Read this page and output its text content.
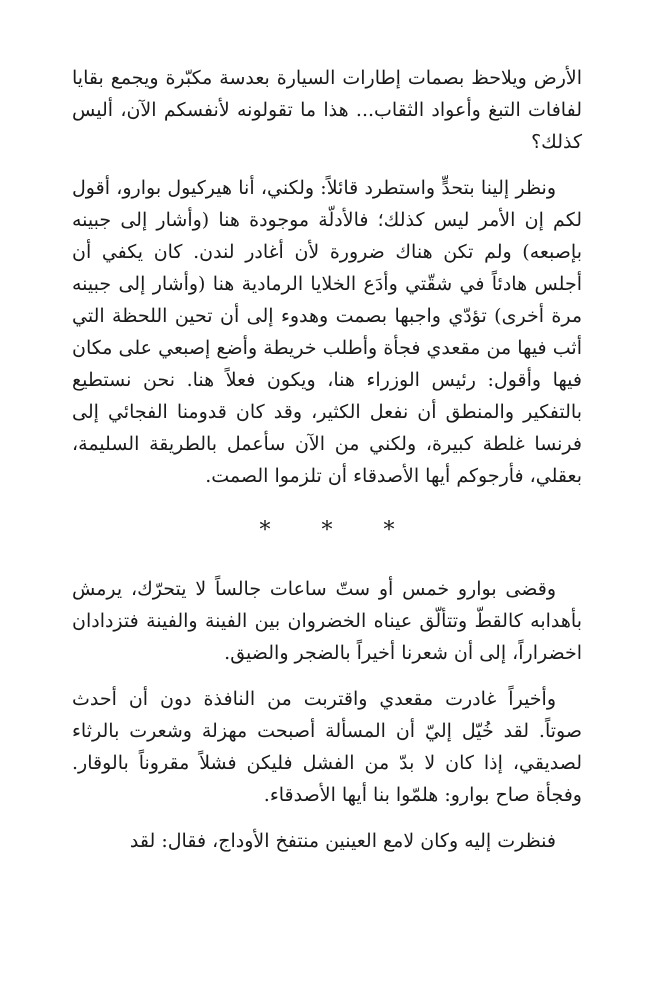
الأرض ويلاحظ بصمات إطارات السيارة بعدسة مكبّرة ويجمع بقايا لفافات التبغ وأعواد الثقاب... هذا ما تقولونه لأنفسكم الآن، أليس كذلك؟

ونظر إلينا بتحدٍّ واستطرد قائلاً: ولكني، أنا هيركيول بوارو، أقول لكم إن الأمر ليس كذلك؛ فالأدلّة موجودة هنا (وأشار إلى جبينه بإصبعه) ولم تكن هناك ضرورة لأن أغادر لندن. كان يكفي أن أجلس هادئاً في شقّتي وأدَع الخلايا الرمادية هنا (وأشار إلى جبينه مرة أخرى) تؤدّي واجبها بصمت وهدوء إلى أن تحين اللحظة التي أثب فيها من مقعدي فجأة وأطلب خريطة وأضع إصبعي على مكان فيها وأقول: رئيس الوزراء هنا، ويكون فعلاً هنا. نحن نستطيع بالتفكير والمنطق أن نفعل الكثير، وقد كان قدومنا الفجائي إلى فرنسا غلطة كبيرة، ولكني من الآن سأعمل بالطريقة السليمة، بعقلي، فأرجوكم أيها الأصدقاء أن تلزموا الصمت.

* * *

وقضى بوارو خمس أو ستّ ساعات جالساً لا يتحرّك، يرمش بأهدابه كالقطّ وتتألّق عيناه الخضروان بين الفينة والفينة فتزدادان اخضراراً، إلى أن شعرنا أخيراً بالضجر والضيق.

وأخيراً غادرت مقعدي واقتربت من النافذة دون أن أحدث صوتاً. لقد خُيّل إليّ أن المسألة أصبحت مهزلة وشعرت بالرثاء لصديقي، إذا كان لا بدّ من الفشل فليكن فشلاً مقروناً بالوقار. وفجأة صاح بوارو: هلمّوا بنا أيها الأصدقاء.

فنظرت إليه وكان لامع العينين منتفخ الأوداج، فقال: لقد
